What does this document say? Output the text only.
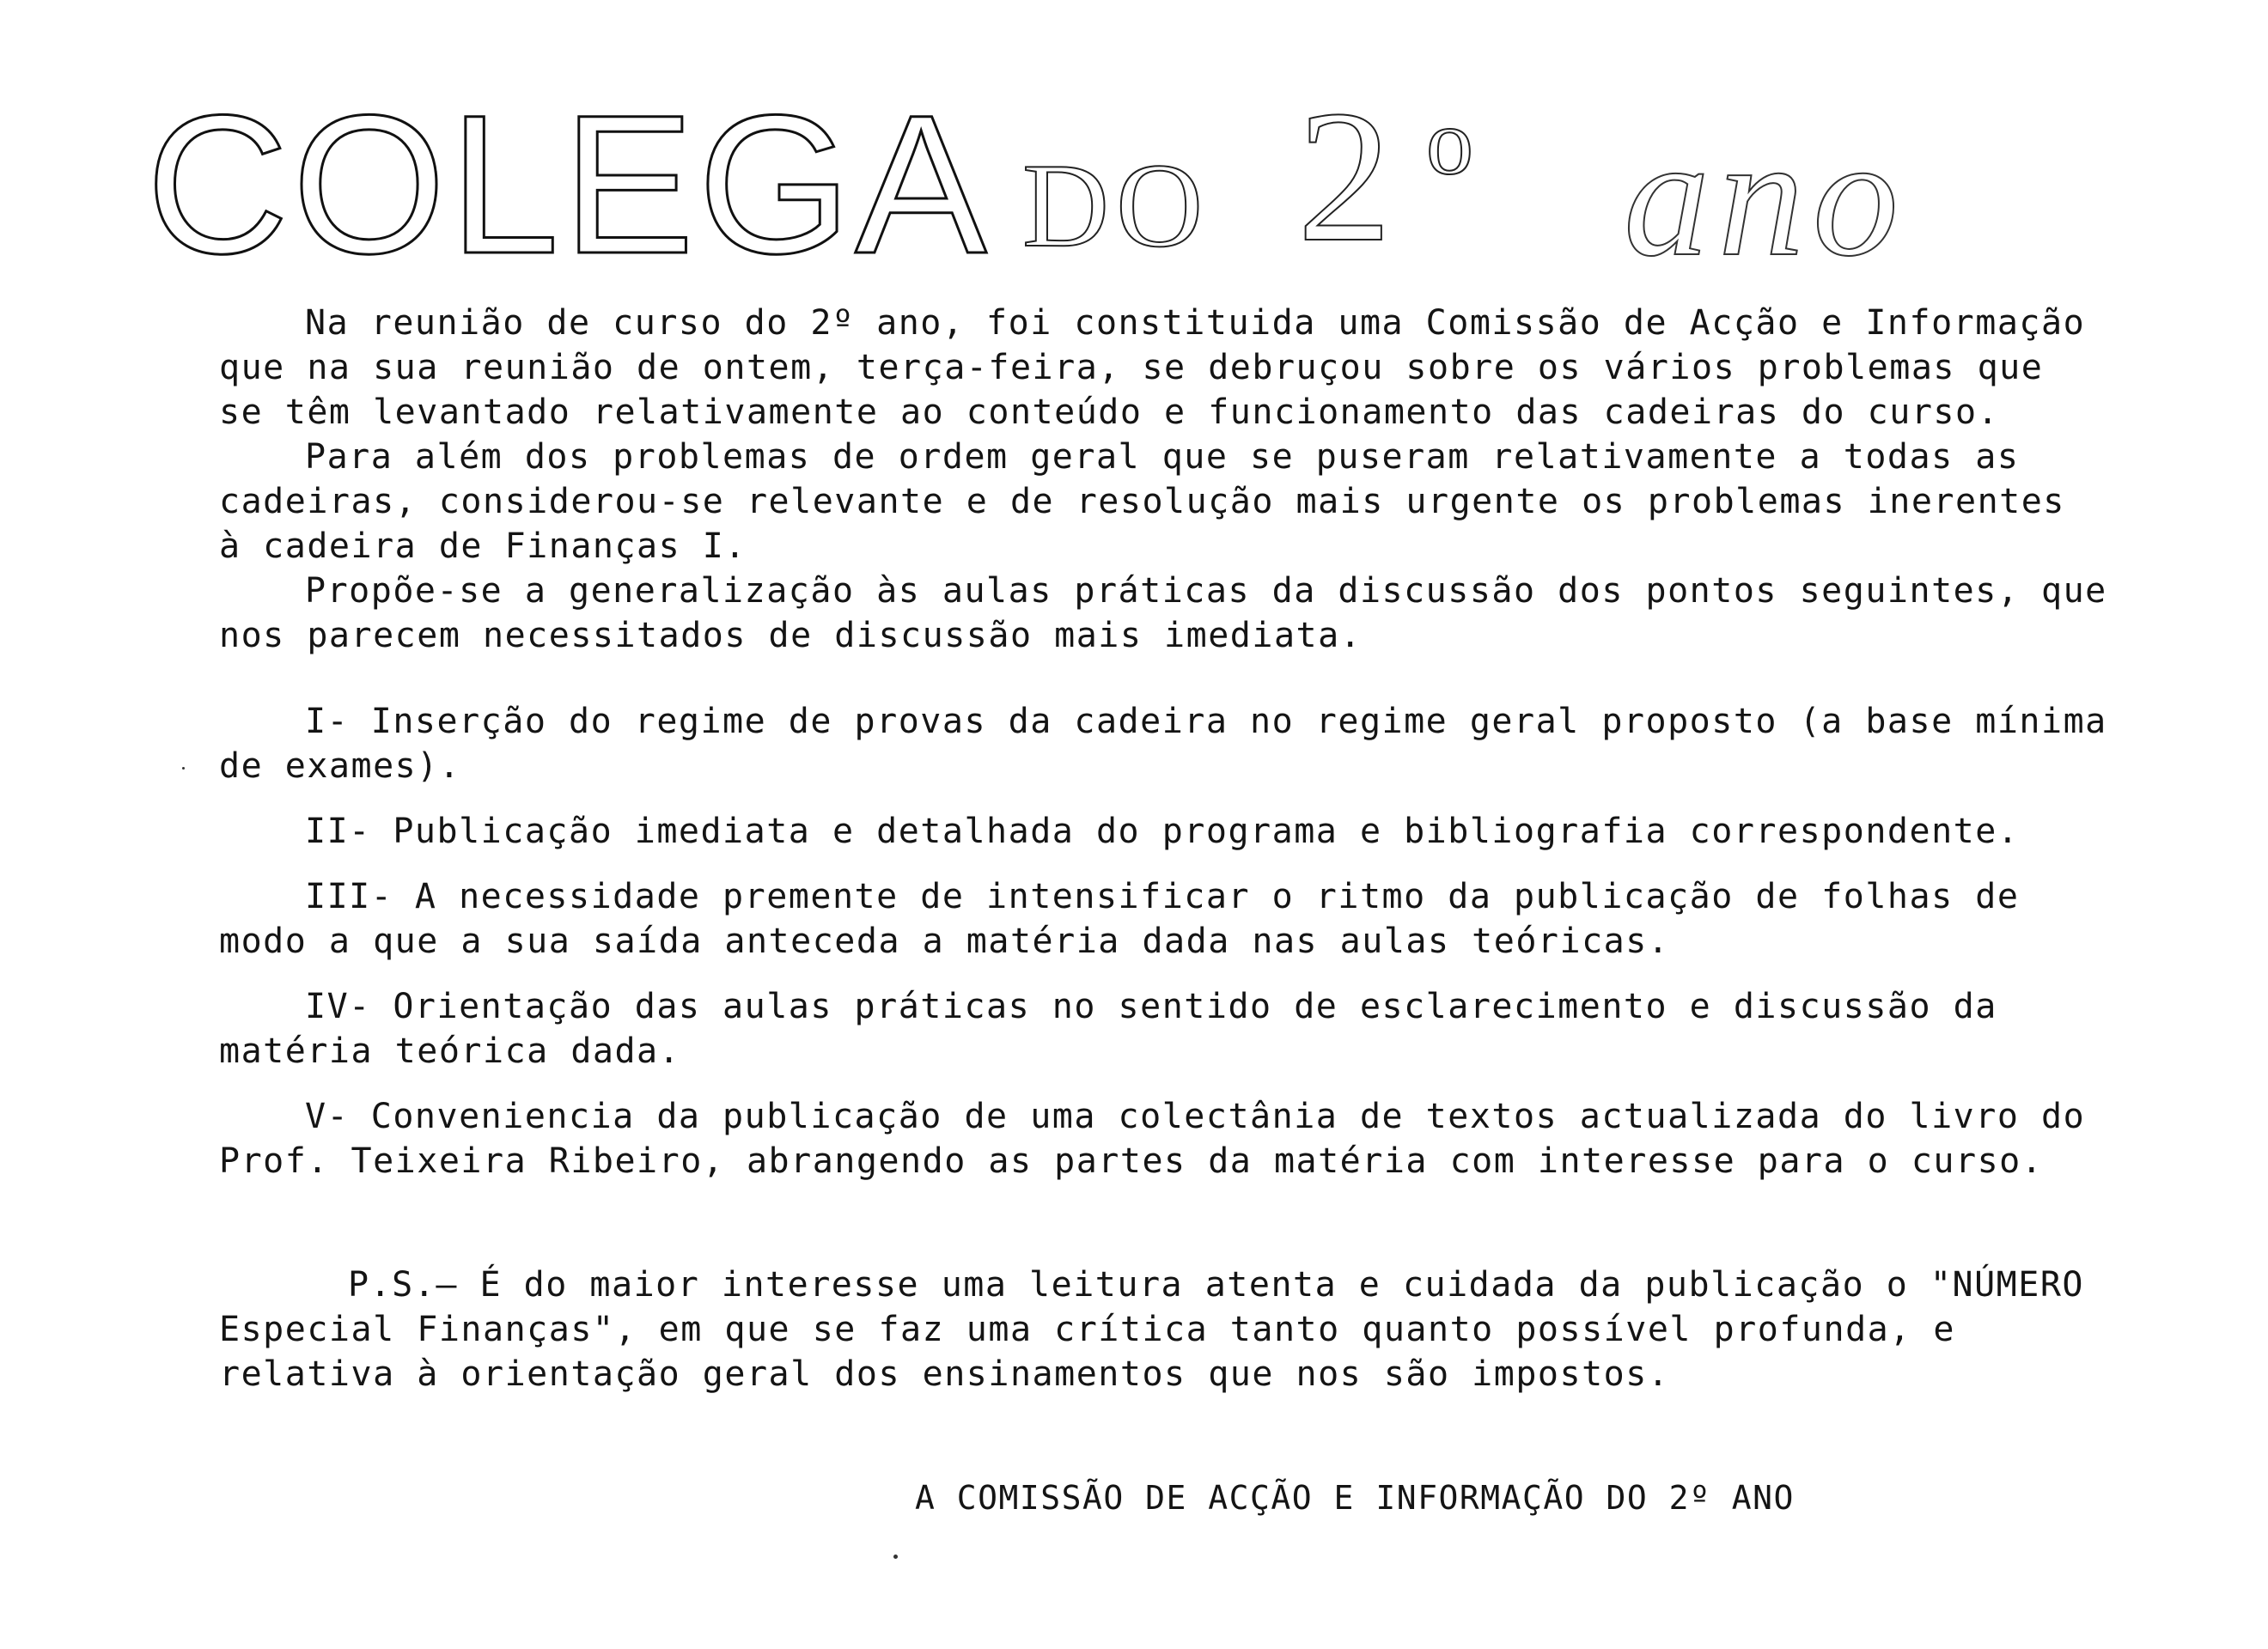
COLEGA DO 2 o ano

Na reunião de curso do 2º ano, foi constituida uma Comissão de Acção e Informação que na sua reunião de ontem, terça-feira, se debruçou sobre os vários problemas que se têm levantado relativamente ao conteúdo e funcionamento das cadeiras do curso.

Para além dos problemas de ordem geral que se puseram relativamente a todas as cadeiras, considerou-se relevante e de resolução mais urgente os problemas inerentes à cadeira de Finanças I.

Propõe-se a generalização às aulas práticas da discussão dos pontos seguintes, que nos parecem necessitados de discussão mais imediata.

I- Inserção do regime de provas da cadeira no regime geral proposto (a base mínima de exames).

II- Publicação imediata e detalhada do programa e bibliografia correspondente.

III- A necessidade premente de intensificar o ritmo da publicação de folhas de modo a que a sua saída anteceda a matéria dada nas aulas teóricas.

IV- Orientação das aulas práticas no sentido de esclarecimento e discussão da matéria teórica dada.

V- Conveniencia da publicação de uma colectânia de textos actualizada do livro do Prof. Teixeira Ribeiro, abrangendo as partes da matéria com interesse para o curso.

P.S.— É do maior interesse uma leitura atenta e cuidada da publicação o "NÚMERO Especial Finanças", em que se faz uma crítica tanto quanto possível profunda, e relativa à orientação geral dos ensinamentos que nos são impostos.

A COMISSÃO DE ACÇÃO E INFORMAÇÃO DO 2º ANO
